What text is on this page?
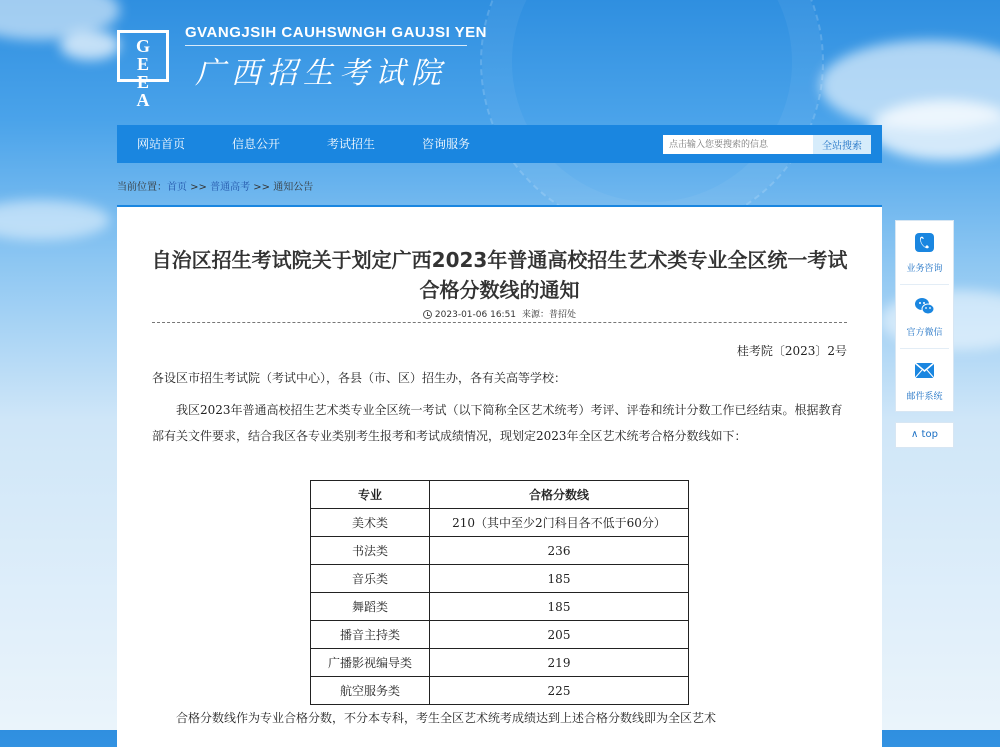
G
E
E
A
GVANGJSIH CAUHSWNGH GAUJSI YEN
广西招生考试院
网站首页	信息公开	考试招生	咨询服务
点击输入您要搜索的信息	全站搜索
当前位置：首页 >> 普通高考 >> 通知公告
自治区招生考试院关于划定广西2023年普通高校招生艺术类专业全区统一考试合格分数线的通知
2023-01-06 16:51 来源：普招处
桂考院〔2023〕2号
各设区市招生考试院（考试中心），各县（市、区）招生办，各有关高等学校：
我区2023年普通高校招生艺术类专业全区统一考试（以下简称全区艺术统考）考评、评卷和统计分数工作已经结束。根据教育部有关文件要求，结合我区各专业类别考生报考和考试成绩情况，现划定2023年全区艺术统考合格分数线如下：
专业	合格分数线
美术类	210（其中至少2门科目各不低于60分）
书法类	236
音乐类	185
舞蹈类	185
播音主持类	205
广播影视编导类	219
航空服务类	225
合格分数线作为专业合格分数，不分本专科，考生全区艺术统考成绩达到上述合格分数线即为全区艺术
业务咨询
官方微信
邮件系统
∧ top
